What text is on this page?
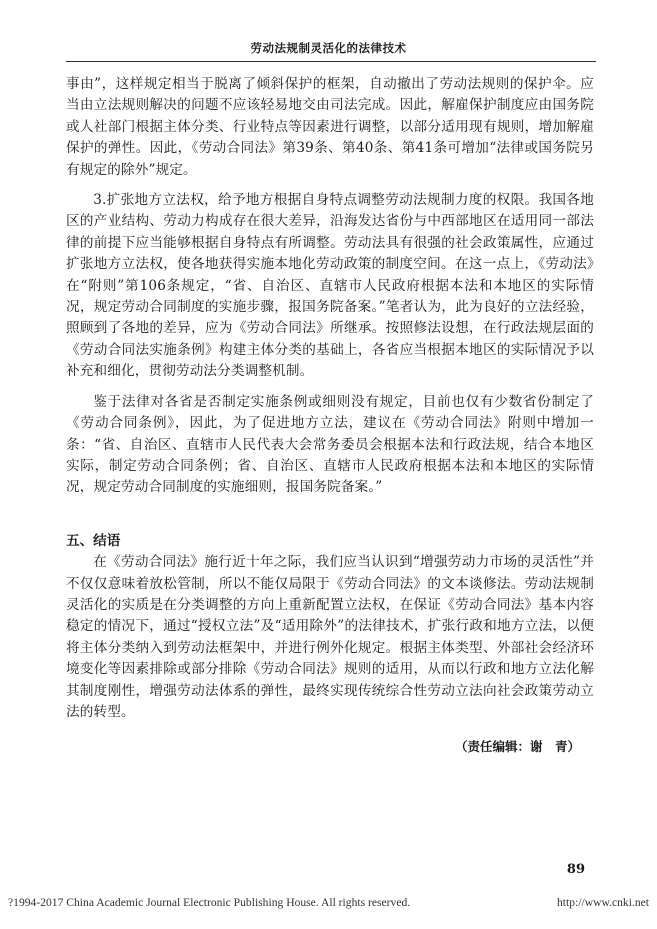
劳动法规制灵活化的法律技术

事由”，这样规定相当于脱离了倾斜保护的框架，自动撤出了劳动法规则的保护伞。应当由立法规则解决的问题不应该轻易地交由司法完成。因此，解雇保护制度应由国务院或人社部门根据主体分类、行业特点等因素进行调整，以部分适用现有规则，增加解雇保护的弹性。因此，《劳动合同法》第39条、第40条、第41条可增加“法律或国务院另有规定的除外”规定。

3.扩张地方立法权，给予地方根据自身特点调整劳动法规制力度的权限。我国各地区的产业结构、劳动力构成存在很大差异，沿海发达省份与中西部地区在适用同一部法律的前提下应当能够根据自身特点有所调整。劳动法具有很强的社会政策属性，应通过扩张地方立法权，使各地获得实施本地化劳动政策的制度空间。在这一点上，《劳动法》在“附则”第106条规定，“省、自治区、直辖市人民政府根据本法和本地区的实际情况，规定劳动合同制度的实施步骤，报国务院备案。”笔者认为，此为良好的立法经验，照顾到了各地的差异，应为《劳动合同法》所继承。按照修法设想，在行政法规层面的《劳动合同法实施条例》构建主体分类的基础上，各省应当根据本地区的实际情况予以补充和细化，贯彻劳动法分类调整机制。

鉴于法律对各省是否制定实施条例或细则没有规定，目前也仅有少数省份制定了《劳动合同条例》，因此，为了促进地方立法，建议在《劳动合同法》附则中增加一条：“省、自治区、直辖市人民代表大会常务委员会根据本法和行政法规，结合本地区实际，制定劳动合同条例；省、自治区、直辖市人民政府根据本法和本地区的实际情况，规定劳动合同制度的实施细则，报国务院备案。”

五、结语

在《劳动合同法》施行近十年之际，我们应当认识到“增强劳动力市场的灵活性”并不仅仅意味着放松管制，所以不能仅局限于《劳动合同法》的文本谈修法。劳动法规制灵活化的实质是在分类调整的方向上重新配置立法权，在保证《劳动合同法》基本内容稳定的情况下，通过“授权立法”及“适用除外”的法律技术，扩张行政和地方立法，以便将主体分类纳入到劳动法框架中，并进行例外化规定。根据主体类型、外部社会经济环境变化等因素排除或部分排除《劳动合同法》规则的适用，从而以行政和地方立法化解其制度刚性，增强劳动法体系的弹性，最终实现传统综合性劳动立法向社会政策劳动立法的转型。

（责任编辑：谢　青）
89
?1994-2017 China Academic Journal Electronic Publishing House. All rights reserved.	http://www.cnki.net
